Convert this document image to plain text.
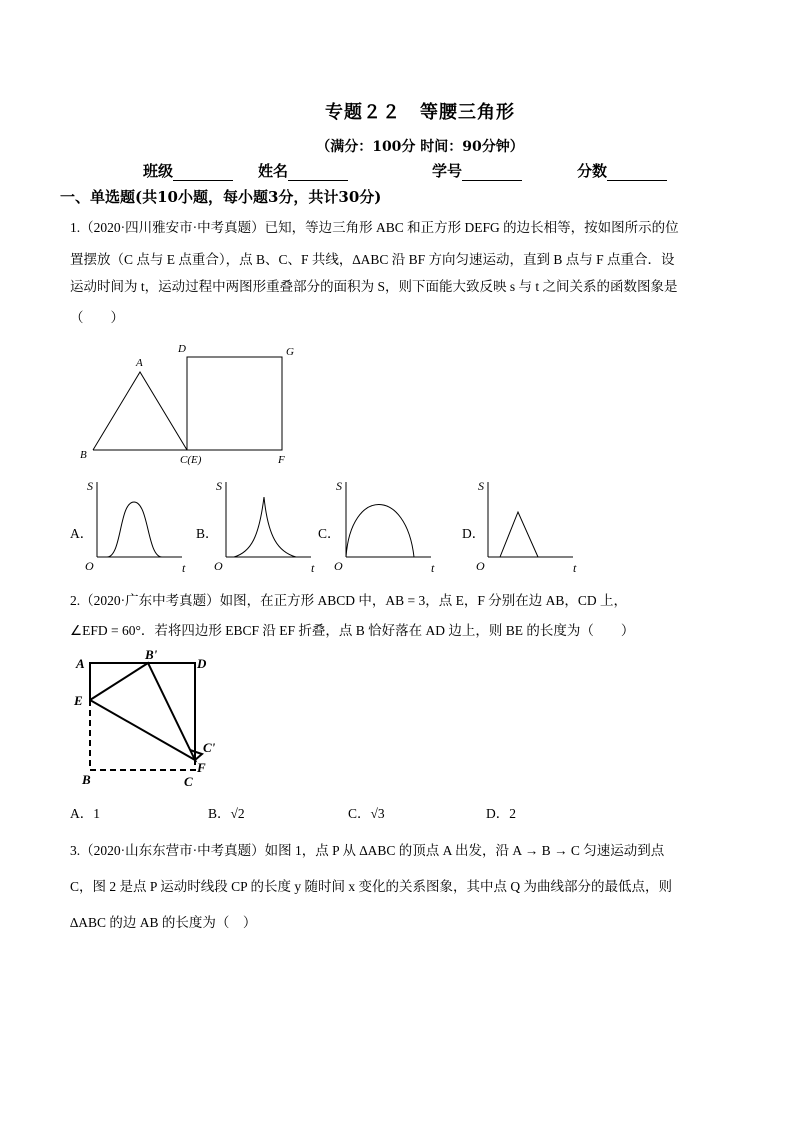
专题２２　等腰三角形
（满分：100分 时间：90分钟）
班级	姓名	学号	分数
一、单选题(共10小题，每小题3分，共计30分)
1.（2020·四川雅安市·中考真题）已知，等边三角形 ABC 和正方形 DEFG 的边长相等，按如图所示的位
置摆放（C 点与 E 点重合），点 B、C、F 共线，∆ABC 沿 BF 方向匀速运动，直到 B 点与 F 点重合．设
运动时间为 t，运动过程中两图形重叠部分的面积为 S，则下面能大致反映 s 与 t 之间关系的函数图象是
（　　）
A
B	C(E)
D	G
F
S
O	t
S
O	t
S
O	t
S
O	t
A
B'
D
E
C'
F
B	C
A．	B．	C．	D．
2.（2020·广东中考真题）如图，在正方形 ABCD 中，AB = 3，点 E，F 分别在边 AB，CD 上，
∠EFD = 60°．若将四边形 EBCF 沿 EF 折叠，点 B 恰好落在 AD 边上，则 BE 的长度为（　　）
A．1	B．√2	C．√3	D．2
3.（2020·山东东营市·中考真题）如图 1，点 P 从 ∆ABC 的顶点 A 出发，沿 A → B → C 匀速运动到点
C，图 2 是点 P 运动时线段 CP 的长度 y 随时间 x 变化的关系图象，其中点 Q 为曲线部分的最低点，则
∆ABC 的边 AB 的长度为（　）
